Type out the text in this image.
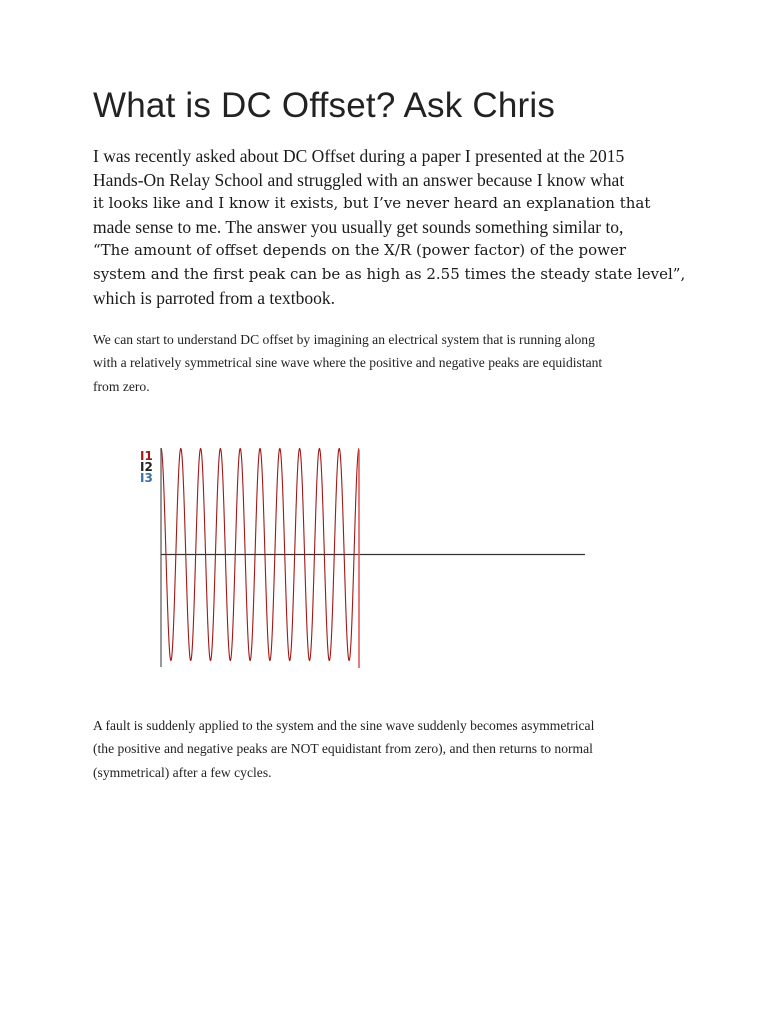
What is DC Offset? Ask Chris

I was recently asked about DC Offset during a paper I presented at the 2015
Hands-On Relay School and struggled with an answer because I know what
it looks like and I know it exists, but I’ve never heard an explanation that
made sense to me. The answer you usually get sounds something similar to,
“The amount of offset depends on the X/R (power factor) of the power
system and the first peak can be as high as 2.55 times the steady state level”,
which is parroted from a textbook.

We can start to understand DC offset by imagining an electrical system that is running along
with a relatively symmetrical sine wave where the positive and negative peaks are equidistant
from zero.

I1
I2
I3

A fault is suddenly applied to the system and the sine wave suddenly becomes asymmetrical
(the positive and negative peaks are NOT equidistant from zero), and then returns to normal
(symmetrical) after a few cycles.
